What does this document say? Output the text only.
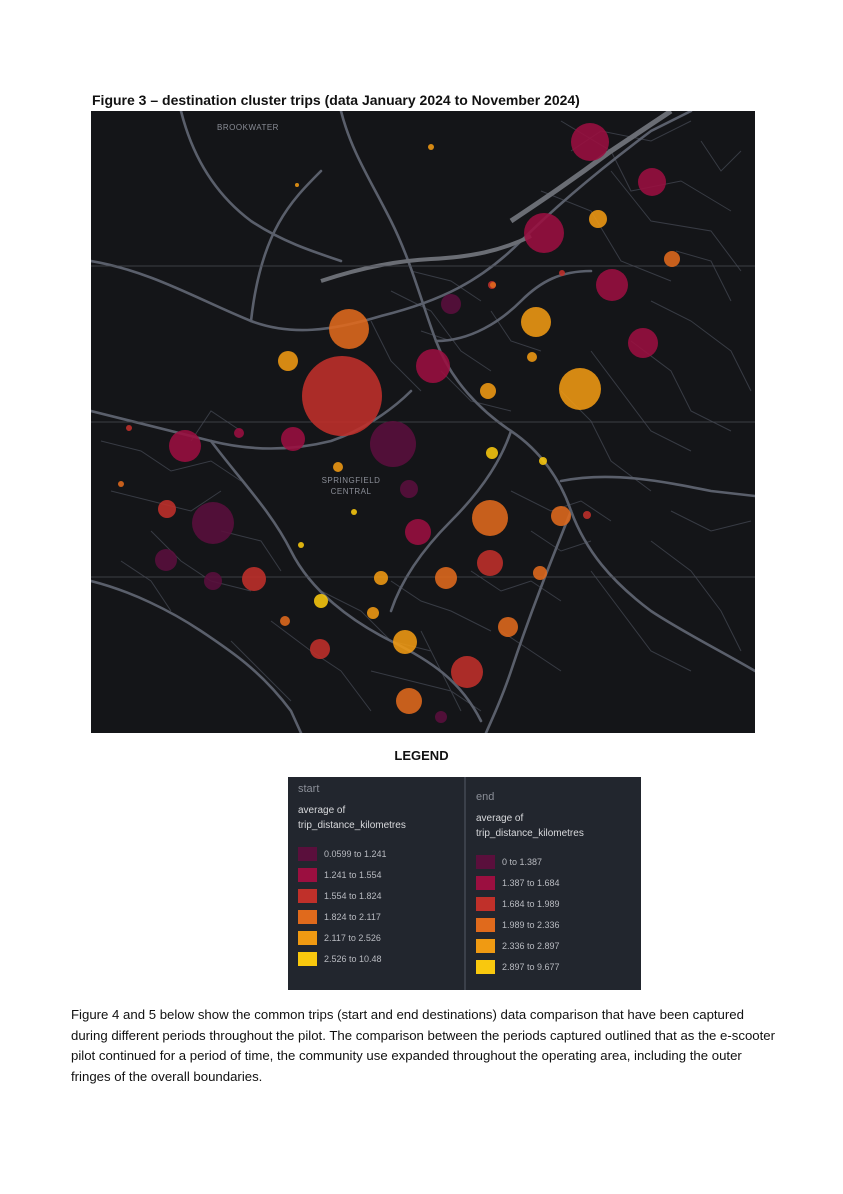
Figure 3 – destination cluster trips (data January 2024 to November 2024)
BROOKWATER
SPRINGFIELD CENTRAL
LEGEND
start
average of trip_distance_kilometres
0.0599 to 1.241
1.241 to 1.554
1.554 to 1.824
1.824 to 2.117
2.117 to 2.526
2.526 to 10.48
end
average of trip_distance_kilometres
0 to 1.387
1.387 to 1.684
1.684 to 1.989
1.989 to 2.336
2.336 to 2.897
2.897 to 9.677
Figure 4 and 5 below show the common trips (start and end destinations) data comparison that have been captured during different periods throughout the pilot. The comparison between the periods captured outlined that as the e-scooter pilot continued for a period of time, the community use expanded throughout the operating area, including the outer fringes of the overall boundaries.
